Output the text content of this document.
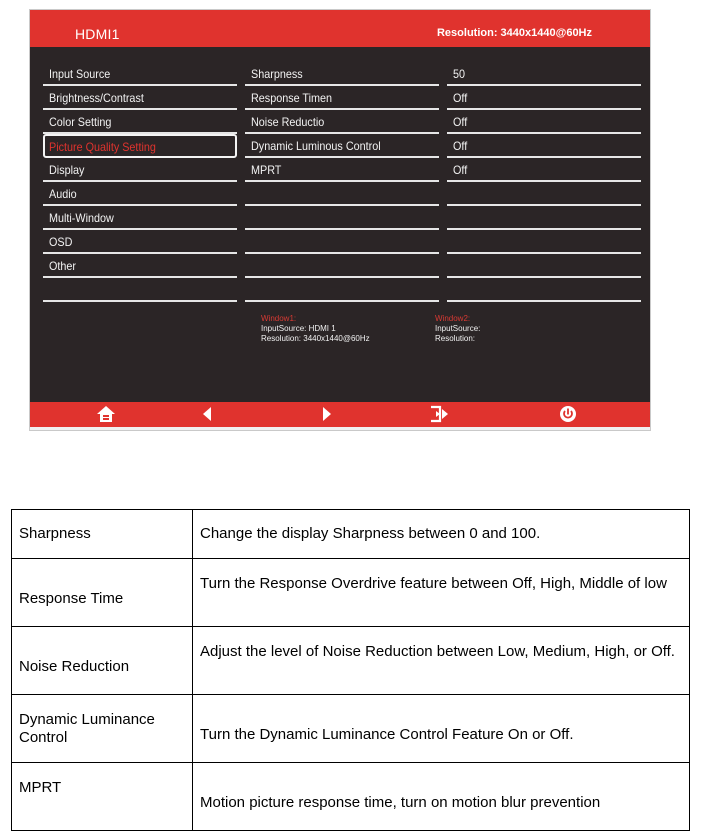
HDMI1	Resolution: 3440x1440@60Hz
Input Source
Brightness/Contrast
Color Setting
Picture Quality Setting
Display
Audio
Multi-Window
OSD
Other
Sharpness
Response Timen
Noise Reductio
Dynamic Luminous Control
MPRT
50
Off
Off
Off
Off
Window1:
InputSource: HDMI 1
Resolution: 3440x1440@60Hz
Window2:
InputSource:
Resolution:
Sharpness	Change the display Sharpness between 0 and 100.
Response Time	Turn the Response Overdrive feature between Off, High, Middle of low
Noise Reduction	Adjust the level of Noise Reduction between Low, Medium, High, or Off.
Dynamic Luminance Control	Turn the Dynamic Luminance Control Feature On or Off.
MPRT	Motion picture response time, turn on motion blur prevention
